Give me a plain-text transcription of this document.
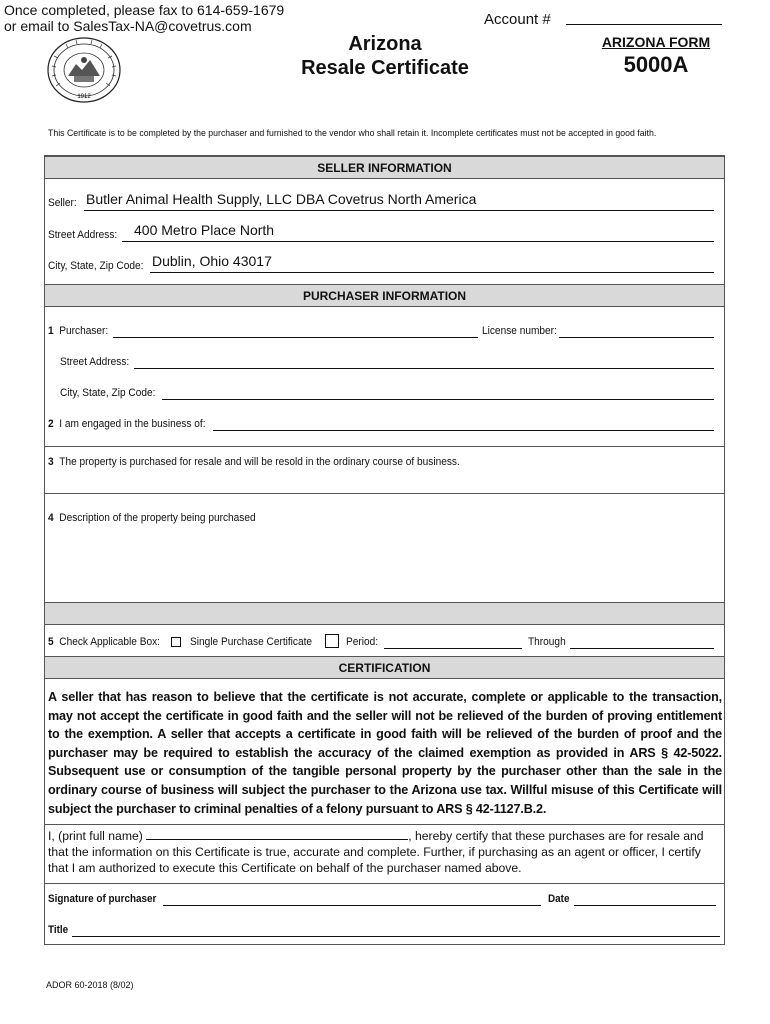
Once completed, please fax to 614-659-1679
or email to SalesTax-NA@covetrus.com
1912
Arizona
Resale Certificate
Account #
ARIZONA FORM
5000A
This Certificate is to be completed by the purchaser and furnished to the vendor who shall retain it. Incomplete certificates must not be accepted in good faith.
SELLER INFORMATION
Seller: Butler Animal Health Supply, LLC DBA Covetrus North America
Street Address: 400 Metro Place North
City, State, Zip Code: Dublin, Ohio 43017
PURCHASER INFORMATION
1 Purchaser:	License number:
Street Address:
City, State, Zip Code:
2 I am engaged in the business of:
3 The property is purchased for resale and will be resold in the ordinary course of business.
4 Description of the property being purchased
5 Check Applicable Box:	Single Purchase Certificate	Period:	Through
CERTIFICATION
A seller that has reason to believe that the certificate is not accurate, complete or applicable to the transaction, may not accept the certificate in good faith and the seller will not be relieved of the burden of proving entitlement to the exemption. A seller that accepts a certificate in good faith will be relieved of the burden of proof and the purchaser may be required to establish the accuracy of the claimed exemption as provided in ARS § 42-5022. Subsequent use or consumption of the tangible personal property by the purchaser other than the sale in the ordinary course of business will subject the purchaser to the Arizona use tax. Willful misuse of this Certificate will subject the purchaser to criminal penalties of a felony pursuant to ARS § 42-1127.B.2.
I, (print full name)	, hereby certify that these purchases are for resale and that the information on this Certificate is true, accurate and complete. Further, if purchasing as an agent or officer, I certify that I am authorized to execute this Certificate on behalf of the purchaser named above.
Signature of purchaser	Date
Title
ADOR 60-2018 (8/02)
